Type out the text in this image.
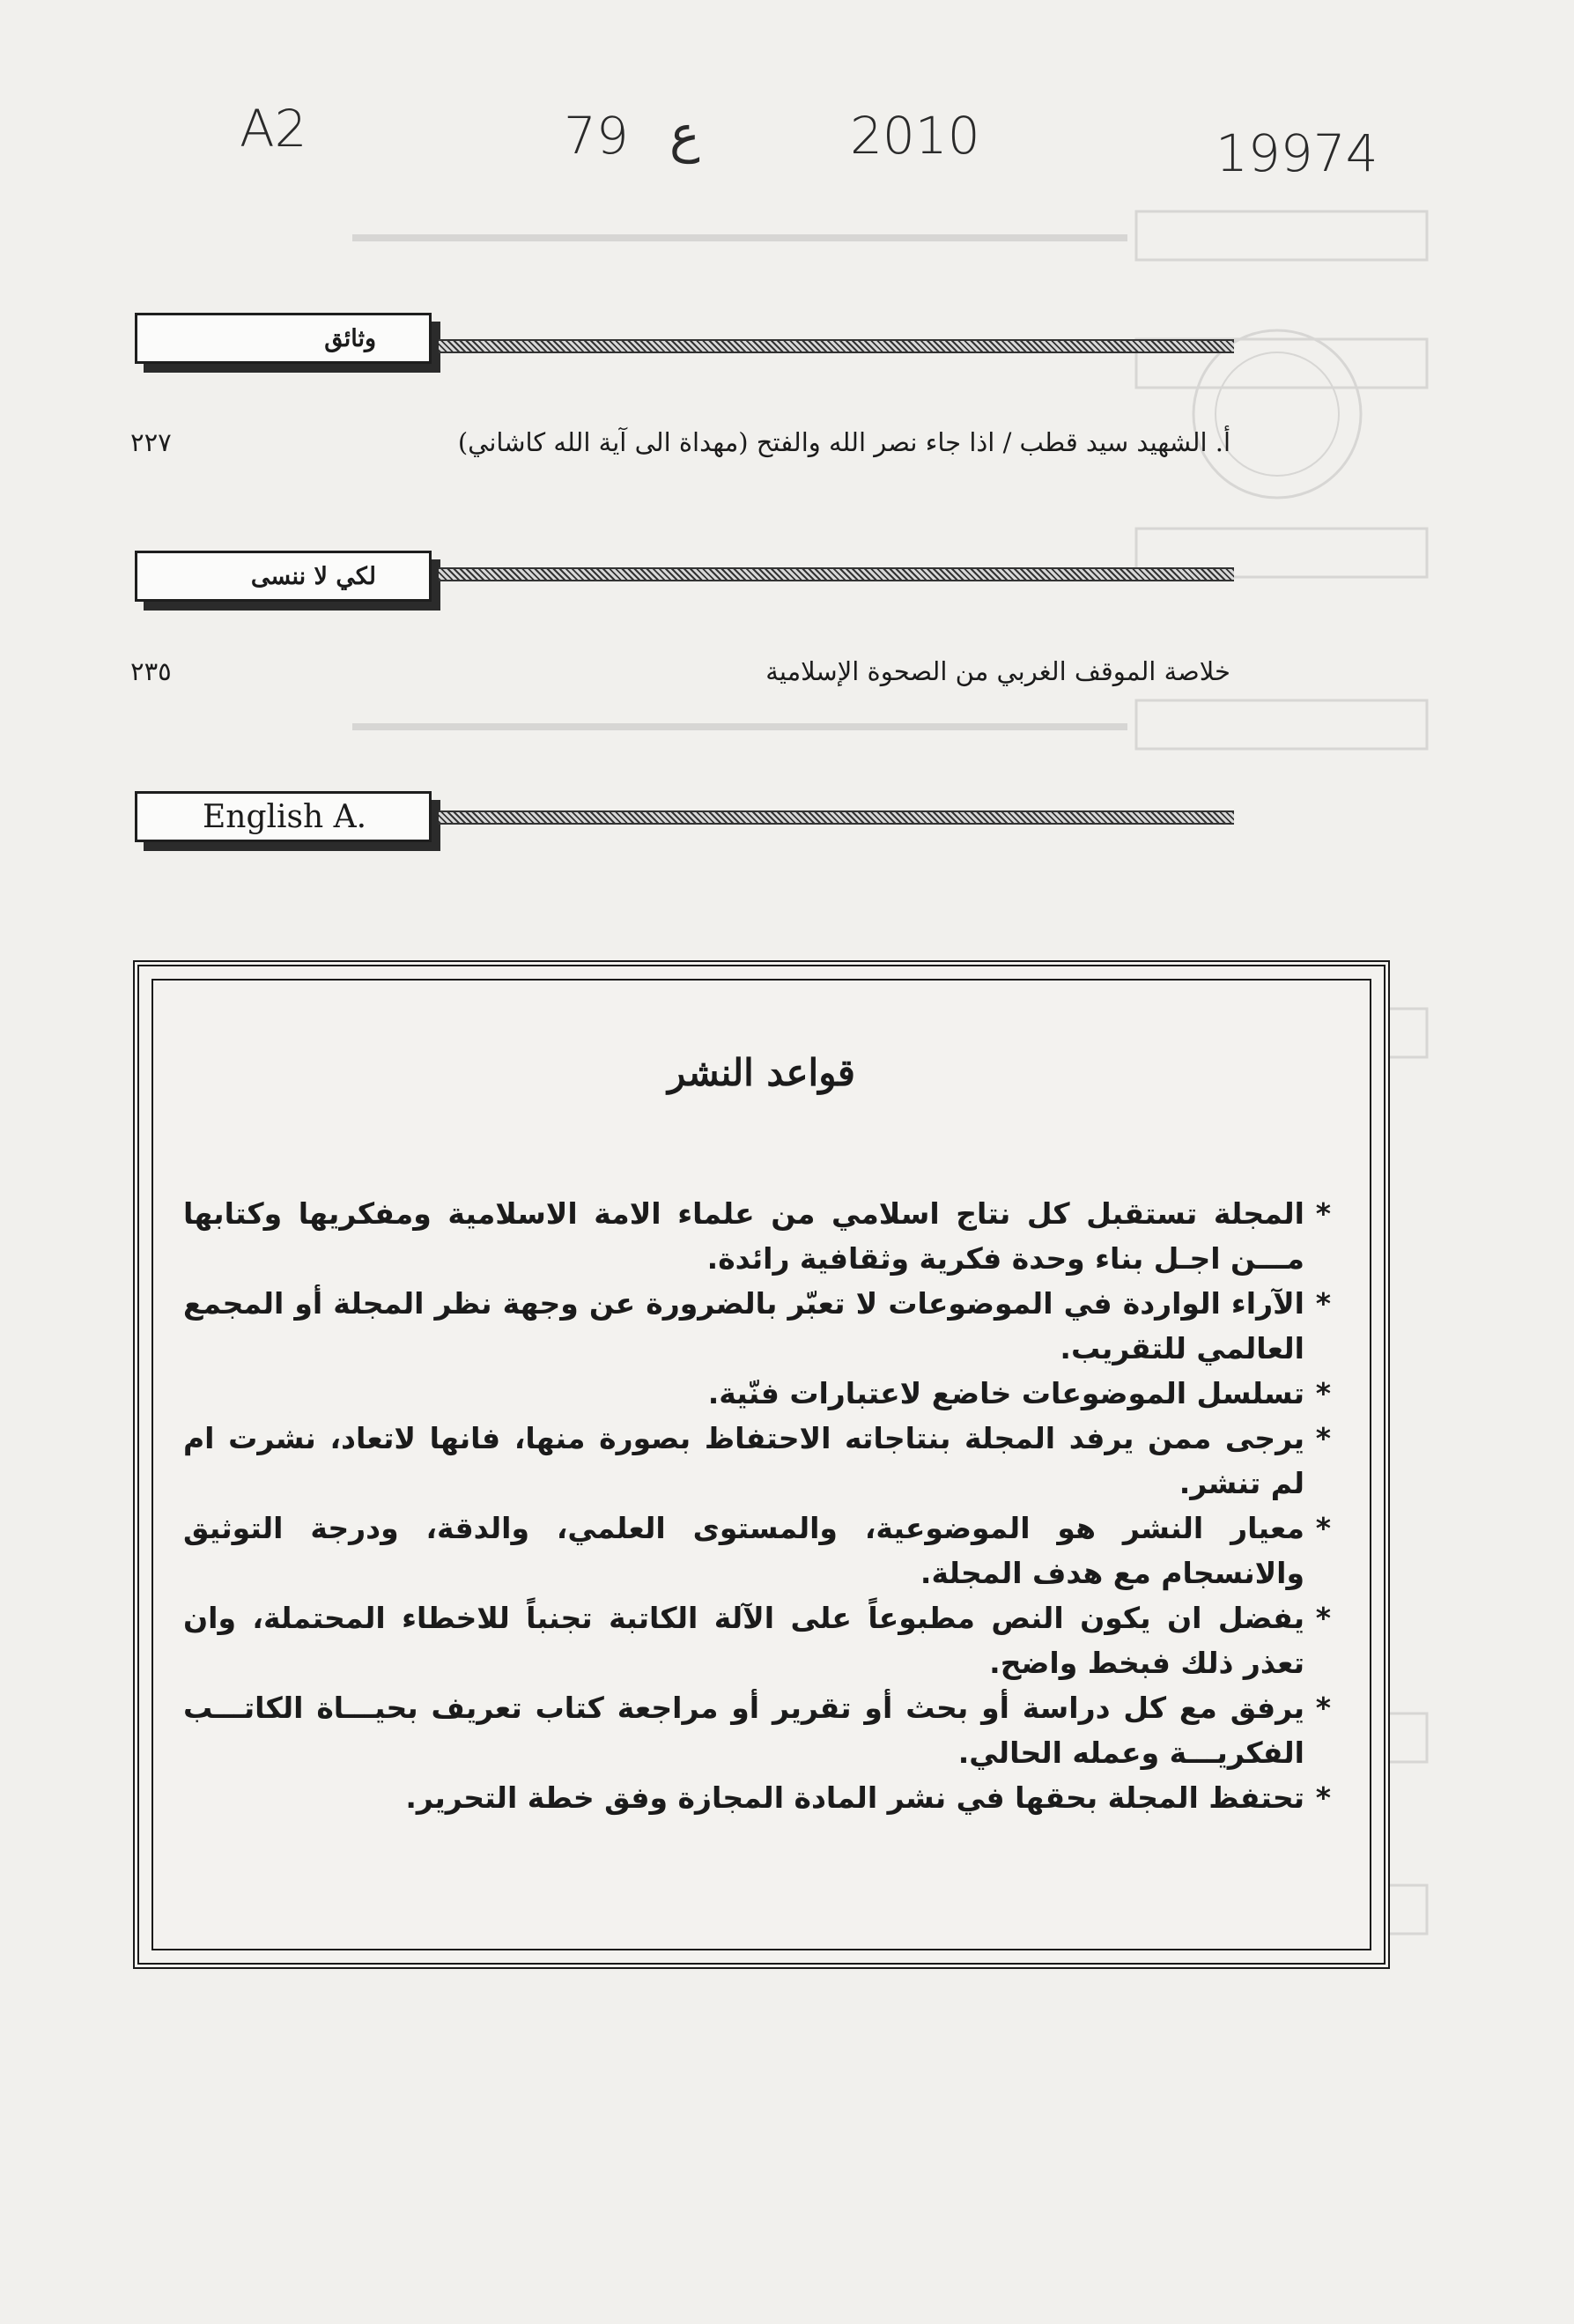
A2	79 ع	2010	19974
وثائق
أ. الشهيد سيد قطب / اذا جاء نصر الله والفتح (مهداة الى آية الله كاشاني)
٢٢٧
لكي لا ننسى
خلاصة الموقف الغربي من الصحوة الإسلامية
٢٣٥
English A.
قواعد النشر

* المجلة تستقبل كل نتاج اسلامي من علماء الامة الاسلامية ومفكريها وكتابها مـــن اجـل بناء وحدة فكرية وثقافية رائدة.

* الآراء الواردة في الموضوعات لا تعبّر بالضرورة عن وجهة نظر المجلة أو المجمع العالمي للتقريب.

* تسلسل الموضوعات خاضع لاعتبارات فنّية.

* يرجى ممن يرفد المجلة بنتاجاته الاحتفاظ بصورة منها، فانها لاتعاد، نشرت ام لم تنشر.

* معيار النشر هو الموضوعية، والمستوى العلمي، والدقة، ودرجة التوثيق والانسجام مع هدف المجلة.

* يفضل ان يكون النص مطبوعاً على الآلة الكاتبة تجنباً للاخطاء المحتملة، وان تعذر ذلك فبخط واضح.

* يرفق مع كل دراسة أو بحث أو تقرير أو مراجعة كتاب تعريف بحيـــاة الكاتـــب الفكريـــة وعمله الحالي.

* تحتفظ المجلة بحقها في نشر المادة المجازة وفق خطة التحرير.
